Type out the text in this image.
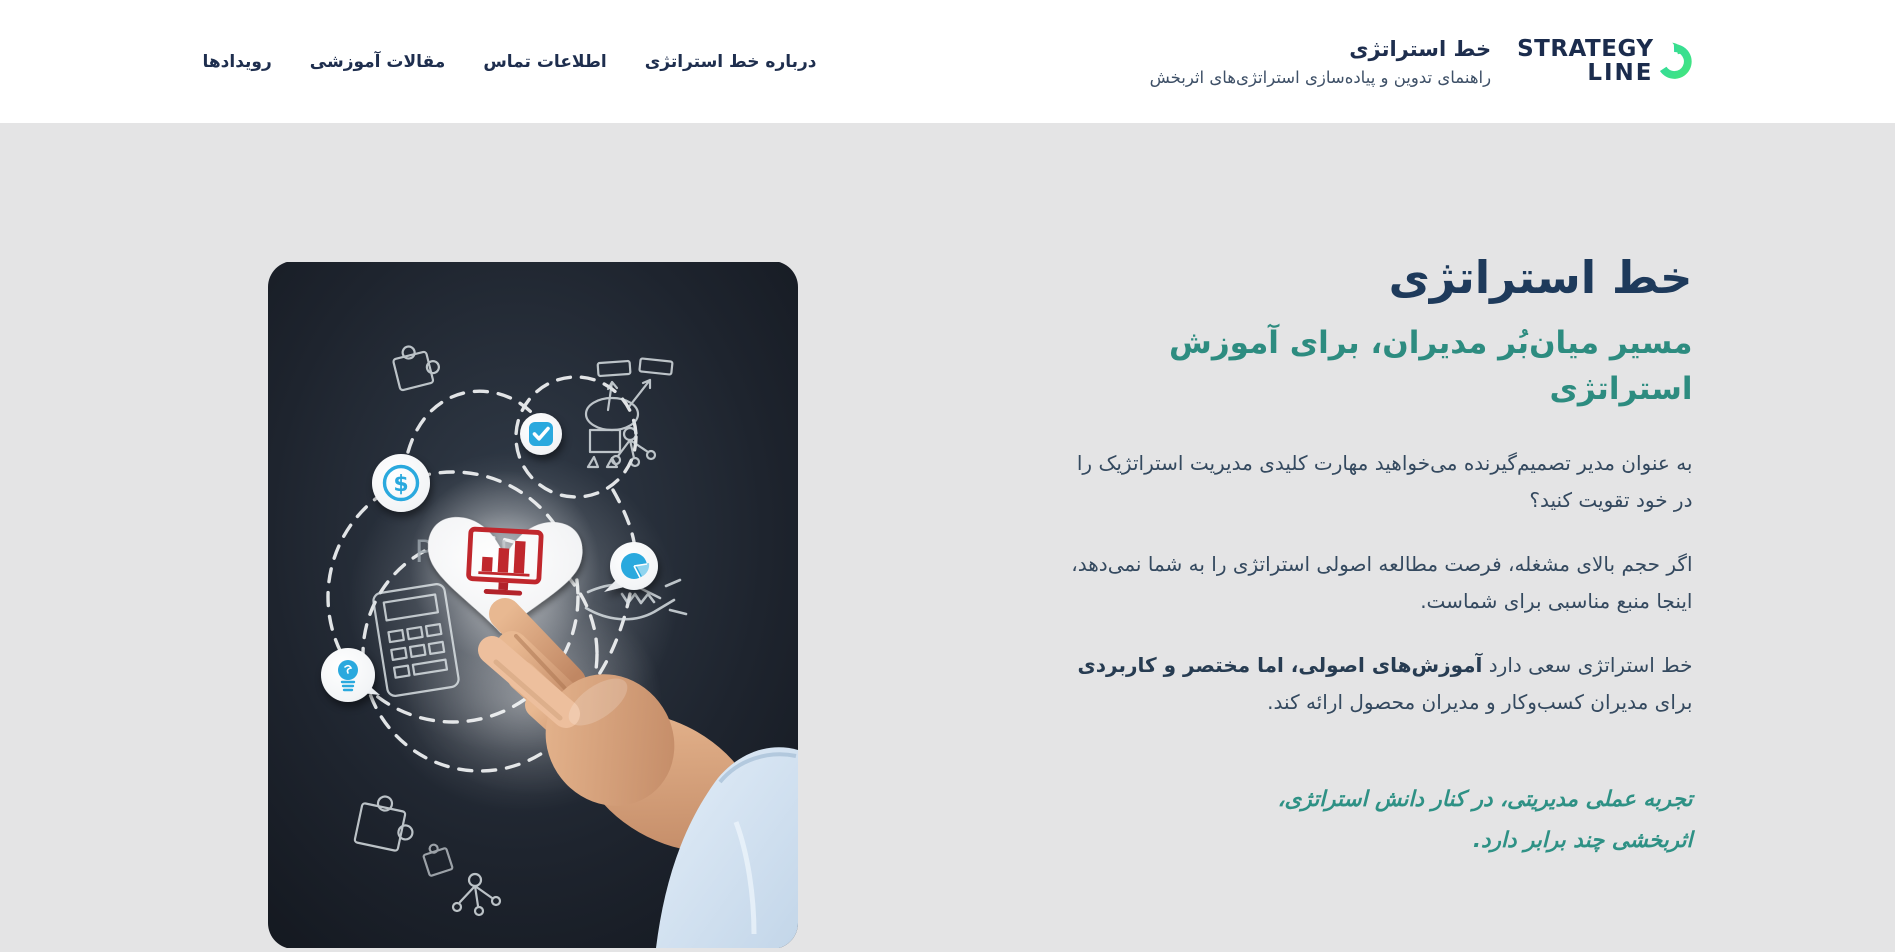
STRATEGY
LINE
خط استراتژی
راهنمای تدوین و پیاده‌سازی استراتژی‌های اثربخش
درباره خط استراتژی
اطلاعات تماس
مقالات آموزشی
رویدادها
خط استراتژی
مسیر میان‌بُر مدیران، برای آموزش استراتژی

به عنوان مدیر تصمیم‌گیرنده می‌خواهید مهارت کلیدی مدیریت استراتژیک را در خود تقویت کنید؟

اگر حجم بالای مشغله، فرصت مطالعه اصولی استراتژی را به شما نمی‌دهد، اینجا منبع مناسبی برای شماست.

خط استراتژی سعی دارد آموزش‌های اصولی، اما مختصر و کاربردی برای مدیران کسب‌وکار و مدیران محصول ارائه کند.

تجربه عملی مدیریتی، در کنار دانش استراتژی،
اثربخشی چند برابر دارد.
$
